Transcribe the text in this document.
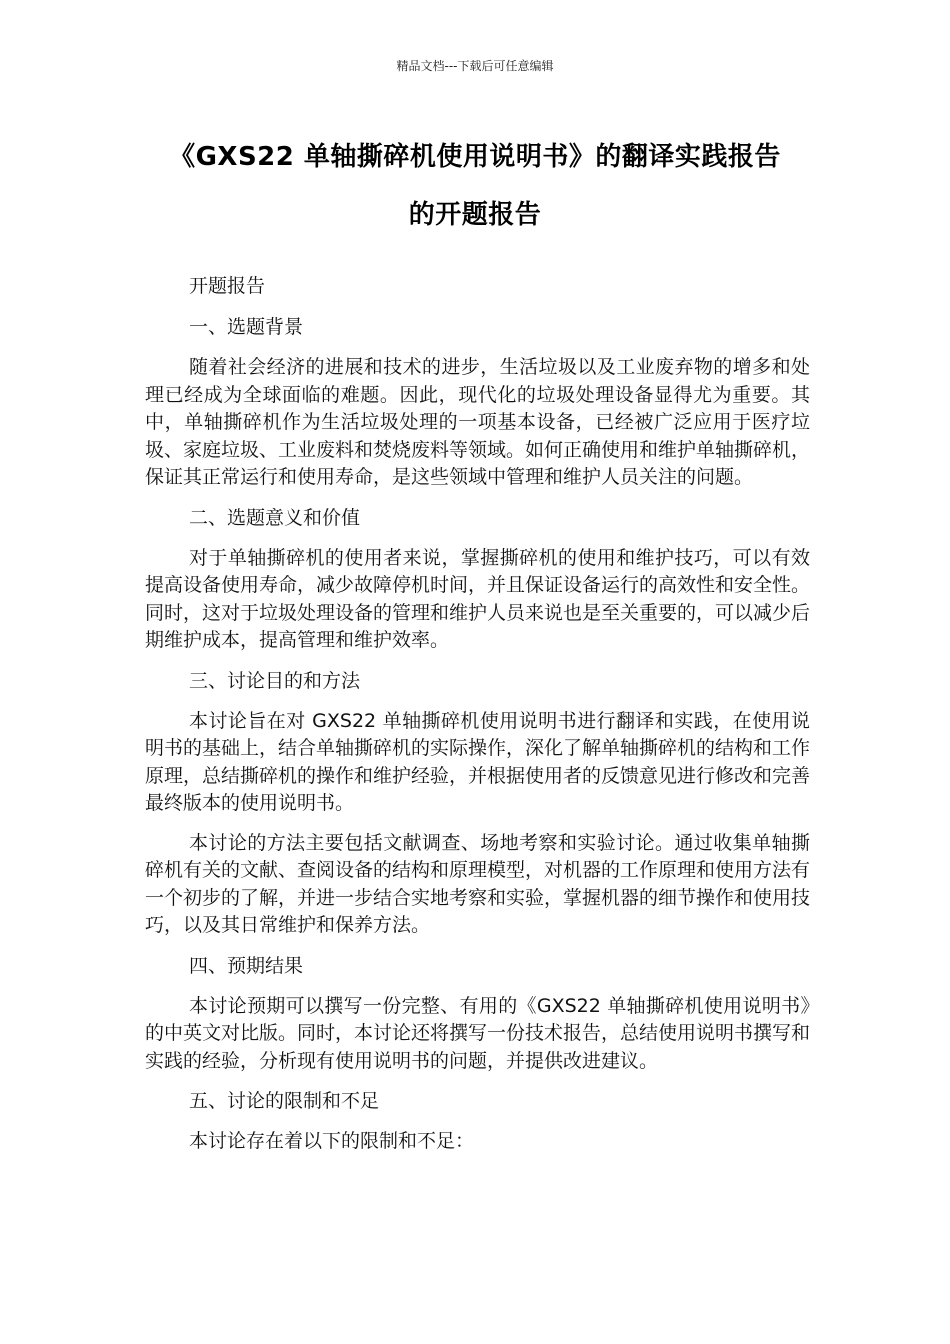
精品文档---下载后可任意编辑
《GXS22 单轴撕碎机使用说明书》的翻译实践报告
的开题报告

开题报告

一、选题背景

随着社会经济的进展和技术的进步，生活垃圾以及工业废弃物的增多和处理已经成为全球面临的难题。因此，现代化的垃圾处理设备显得尤为重要。其中，单轴撕碎机作为生活垃圾处理的一项基本设备，已经被广泛应用于医疗垃圾、家庭垃圾、工业废料和焚烧废料等领域。如何正确使用和维护单轴撕碎机，保证其正常运行和使用寿命，是这些领域中管理和维护人员关注的问题。

二、选题意义和价值

对于单轴撕碎机的使用者来说，掌握撕碎机的使用和维护技巧，可以有效提高设备使用寿命，减少故障停机时间，并且保证设备运行的高效性和安全性。同时，这对于垃圾处理设备的管理和维护人员来说也是至关重要的，可以减少后期维护成本，提高管理和维护效率。

三、讨论目的和方法

本讨论旨在对 GXS22 单轴撕碎机使用说明书进行翻译和实践，在使用说明书的基础上，结合单轴撕碎机的实际操作，深化了解单轴撕碎机的结构和工作原理，总结撕碎机的操作和维护经验，并根据使用者的反馈意见进行修改和完善最终版本的使用说明书。

本讨论的方法主要包括文献调查、场地考察和实验讨论。通过收集单轴撕碎机有关的文献、查阅设备的结构和原理模型，对机器的工作原理和使用方法有一个初步的了解，并进一步结合实地考察和实验，掌握机器的细节操作和使用技巧，以及其日常维护和保养方法。

四、预期结果

本讨论预期可以撰写一份完整、有用的《GXS22 单轴撕碎机使用说明书》的中英文对比版。同时，本讨论还将撰写一份技术报告，总结使用说明书撰写和实践的经验，分析现有使用说明书的问题，并提供改进建议。

五、讨论的限制和不足

本讨论存在着以下的限制和不足：
